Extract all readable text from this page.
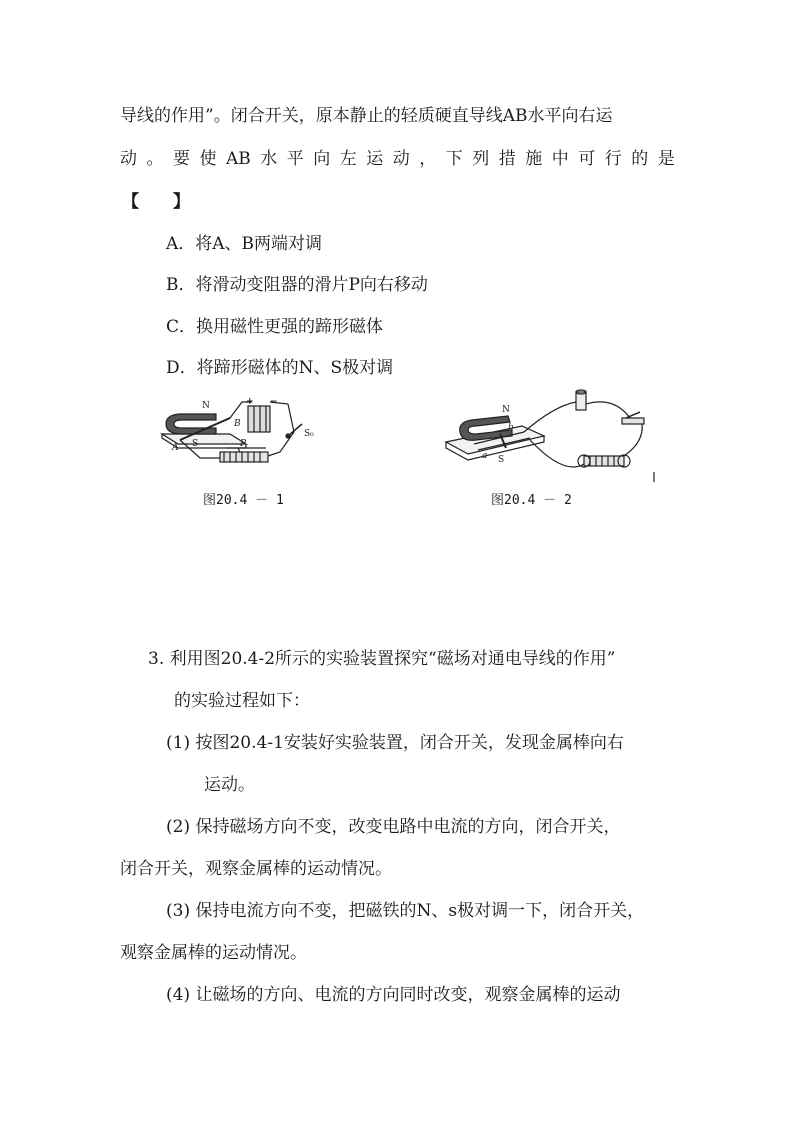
导线的作用”。闭合开关，原本静止的轻质硬直导线AB水平向右运
动 。 要 使 AB 水 平 向 左 运 动 ， 下 列 措 施 中 可 行 的 是
【　　】
A．将A、B两端对调
B．将滑动变阻器的滑片P向右移动
C．换用磁性更强的蹄形磁体
D．将蹄形磁体的N、S极对调
N
S
A
B
P
+ −
S₀
图20.4 － 1
N
S
a
b
图20.4 － 2
3. 利用图20.4-2所示的实验装置探究“磁场对通电导线的作用”
的实验过程如下：
(1) 按图20.4-1安装好实验装置，闭合开关，发现金属棒向右
运动。
(2) 保持磁场方向不变，改变电路中电流的方向，闭合开关，
闭合开关，观察金属棒的运动情况。
(3) 保持电流方向不变，把磁铁的N、s极对调一下，闭合开关，
观察金属棒的运动情况。
(4) 让磁场的方向、电流的方向同时改变，观察金属棒的运动
